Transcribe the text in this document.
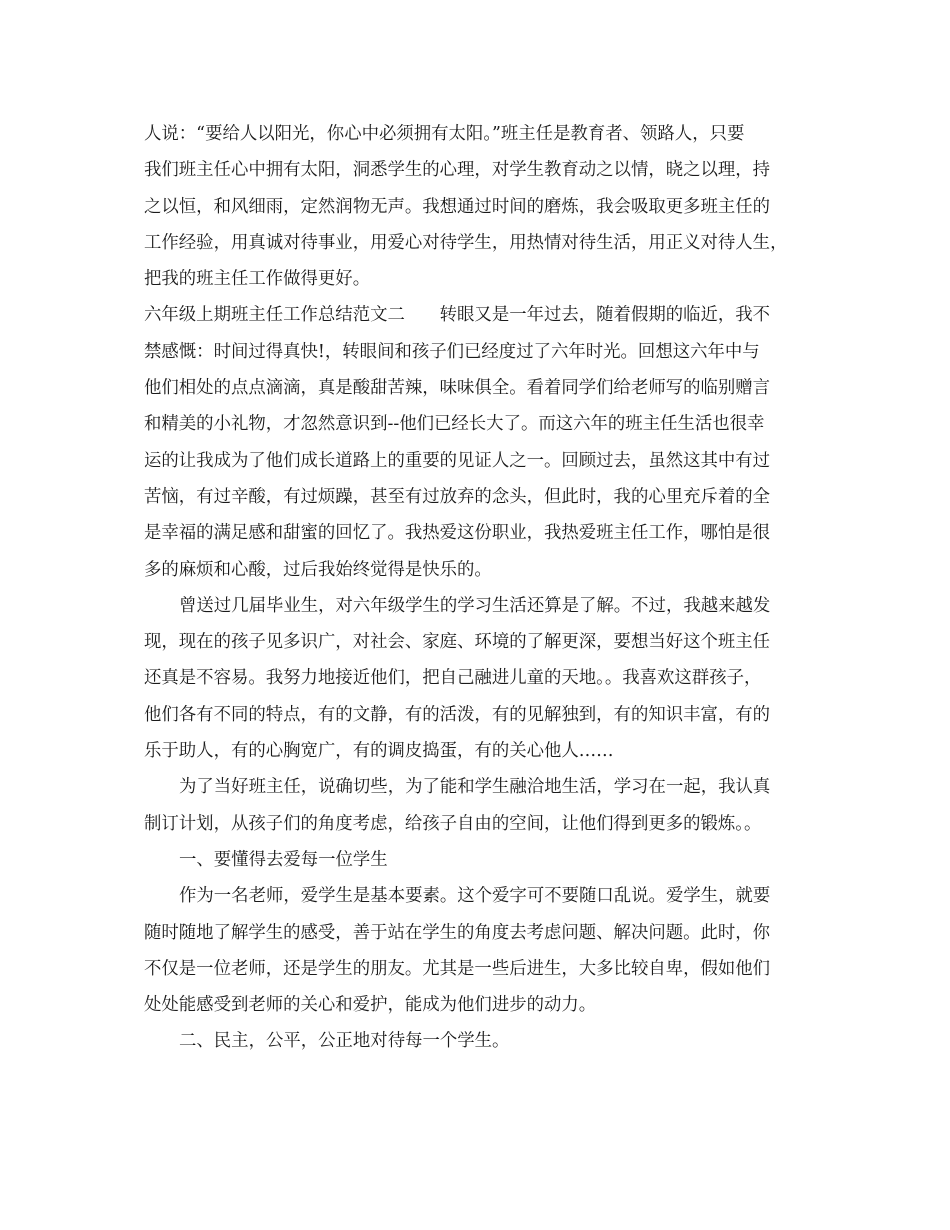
人说：“要给人以阳光，你心中必须拥有太阳。”班主任是教育者、领路人，只要
我们班主任心中拥有太阳，洞悉学生的心理，对学生教育动之以情，晓之以理，持
之以恒，和风细雨，定然润物无声。我想通过时间的磨炼，我会吸取更多班主任的
工作经验，用真诚对待事业，用爱心对待学生，用热情对待生活，用正义对待人生，
把我的班主任工作做得更好。
六年级上期班主任工作总结范文二　　转眼又是一年过去，随着假期的临近，我不
禁感慨：时间过得真快!，转眼间和孩子们已经度过了六年时光。回想这六年中与
他们相处的点点滴滴，真是酸甜苦辣，味味俱全。看着同学们给老师写的临别赠言
和精美的小礼物，才忽然意识到--他们已经长大了。而这六年的班主任生活也很幸
运的让我成为了他们成长道路上的重要的见证人之一。回顾过去，虽然这其中有过
苦恼，有过辛酸，有过烦躁，甚至有过放弃的念头，但此时，我的心里充斥着的全
是幸福的满足感和甜蜜的回忆了。我热爱这份职业，我热爱班主任工作，哪怕是很
多的麻烦和心酸，过后我始终觉得是快乐的。
曾送过几届毕业生，对六年级学生的学习生活还算是了解。不过，我越来越发
现，现在的孩子见多识广，对社会、家庭、环境的了解更深，要想当好这个班主任
还真是不容易。我努力地接近他们，把自己融进儿童的天地。。我喜欢这群孩子，
他们各有不同的特点，有的文静，有的活泼，有的见解独到，有的知识丰富，有的
乐于助人，有的心胸宽广，有的调皮捣蛋，有的关心他人……
为了当好班主任，说确切些，为了能和学生融洽地生活，学习在一起，我认真
制订计划，从孩子们的角度考虑，给孩子自由的空间，让他们得到更多的锻炼。。
一、要懂得去爱每一位学生
作为一名老师，爱学生是基本要素。这个爱字可不要随口乱说。爱学生，就要
随时随地了解学生的感受，善于站在学生的角度去考虑问题、解决问题。此时，你
不仅是一位老师，还是学生的朋友。尤其是一些后进生，大多比较自卑，假如他们
处处能感受到老师的关心和爱护，能成为他们进步的动力。
二、民主，公平，公正地对待每一个学生。
